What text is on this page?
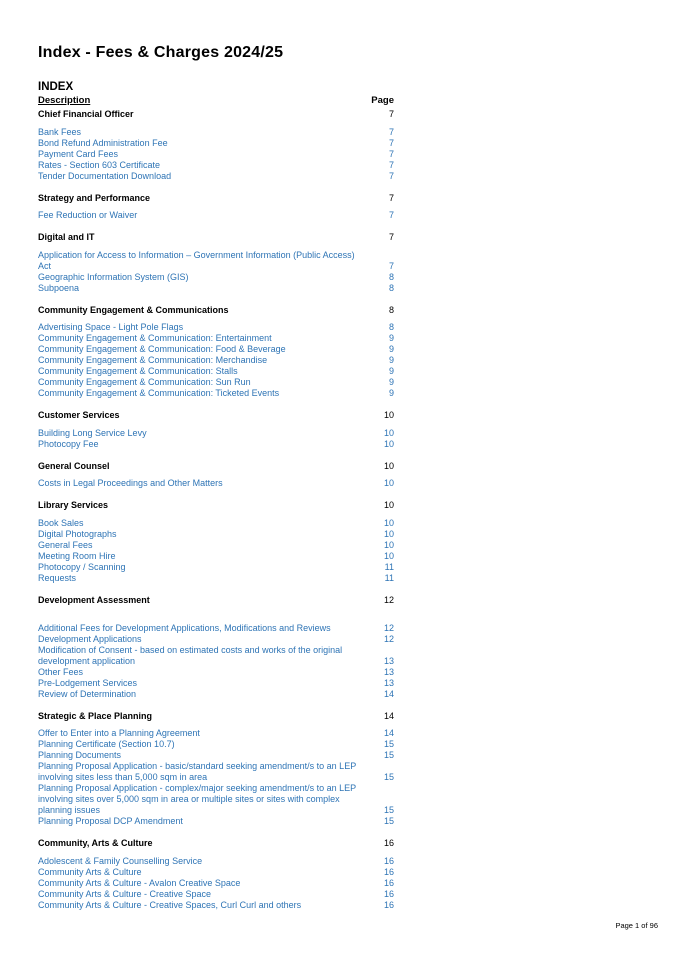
Index - Fees & Charges 2024/25
INDEX
Description	Page
Chief Financial Officer	7
Bank Fees	7
Bond Refund Administration Fee	7
Payment Card Fees	7
Rates - Section 603 Certificate	7
Tender Documentation Download	7
Strategy and Performance	7
Fee Reduction or Waiver	7
Digital and IT	7
Application for Access to Information – Government Information (Public Access) Act	7
Geographic Information System (GIS)	8
Subpoena	8
Community Engagement & Communications	8
Advertising Space - Light Pole Flags	8
Community Engagement & Communication: Entertainment	9
Community Engagement & Communication: Food & Beverage	9
Community Engagement & Communication: Merchandise	9
Community Engagement & Communication: Stalls	9
Community Engagement & Communication: Sun Run	9
Community Engagement & Communication: Ticketed Events	9
Customer Services	10
Building Long Service Levy	10
Photocopy Fee	10
General Counsel	10
Costs in Legal Proceedings and Other Matters	10
Library Services	10
Book Sales	10
Digital Photographs	10
General Fees	10
Meeting Room Hire	10
Photocopy / Scanning	11
Requests	11
Development Assessment	12
Additional Fees for Development Applications, Modifications and Reviews	12
Development Applications	12
Modification of Consent - based on estimated costs and works of the original development application	13
Other Fees	13
Pre-Lodgement Services	13
Review of Determination	14
Strategic & Place Planning	14
Offer to Enter into a Planning Agreement	14
Planning Certificate (Section 10.7)	15
Planning Documents	15
Planning Proposal Application - basic/standard seeking amendment/s to an LEP involving sites less than 5,000 sqm in area	15
Planning Proposal Application - complex/major seeking amendment/s to an LEP involving sites over 5,000 sqm in area or multiple sites or sites with complex planning issues	15
Planning Proposal DCP Amendment	15
Community, Arts & Culture	16
Adolescent & Family Counselling Service	16
Community Arts & Culture	16
Community Arts & Culture - Avalon Creative Space	16
Community Arts & Culture - Creative Space	16
Community Arts & Culture - Creative Spaces, Curl Curl and others	16
Page 1 of 96
